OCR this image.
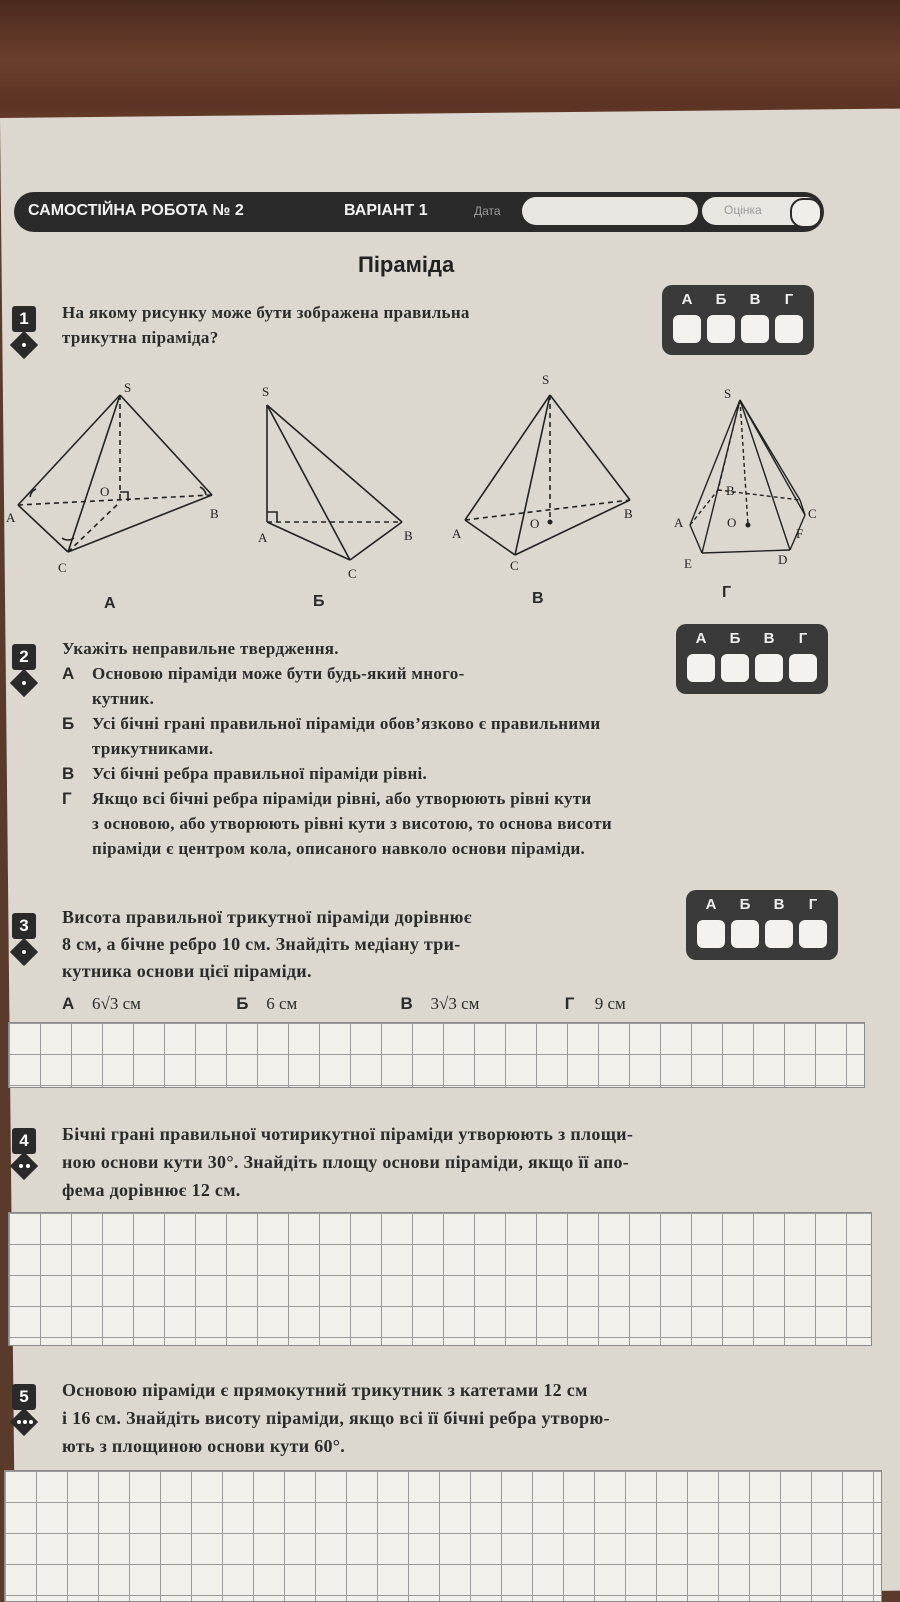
САМОСТІЙНА РОБОТА № 2	ВАРІАНТ 1	Дата	Оцінка
Піраміда
1	На якому рисунку може бути зображена правильна

трикутна піраміда?

А	Б	В	Г
S
O
A	B
C
S
A	B
C
S
O
A
B
C
S
B
A	O
C
F
E	D
А	Б	В	Г
2	Укажіть неправильне твердження.

А Основою піраміди може бути будь-який много-

кутник.

Б Усі бічні грані правильної піраміди обов’язково є правильними

трикутниками.

В Усі бічні ребра правильної піраміди рівні.

Г Якщо всі бічні ребра піраміди рівні, або утворюють рівні кути

з основою, або утворюють рівні кути з висотою, то основа висоти

піраміди є центром кола, описаного навколо основи піраміди.

А	Б	В	Г
3	Висота правильної трикутної піраміди дорівнює

8 см, а бічне ребро 10 см. Знайдіть медіану три-

кутника основи цієї піраміди.

А	Б	В	Г
А 6√3 см	Б 6 см	В 3√3 см	Г 9 см
4	Бічні грані правильної чотирикутної піраміди утворюють з площи-

ною основи кути 30°. Знайдіть площу основи піраміди, якщо її апо-

фема дорівнює 12 см.

5	Основою піраміди є прямокутний трикутник з катетами 12 см

і 16 см. Знайдіть висоту піраміди, якщо всі її бічні ребра утворю-

ють з площиною основи кути 60°.
